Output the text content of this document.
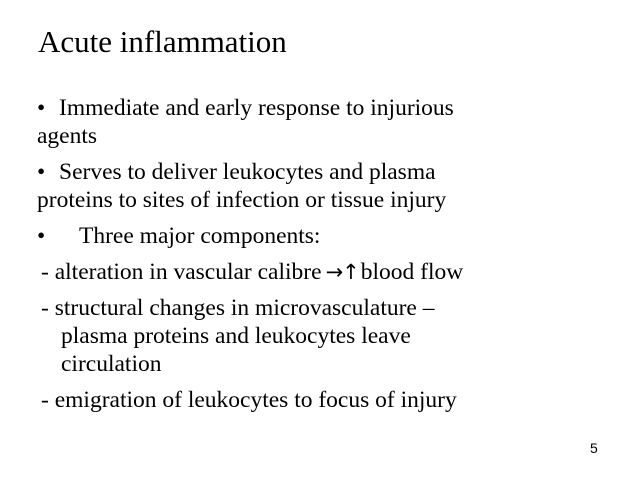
Acute inflammation
• Immediate and early response to injurious
agents
• Serves to deliver leukocytes and plasma
proteins to sites of infection or tissue injury
• Three major components:
- alteration in vascular calibre →↑blood flow
- structural changes in microvasculature –
plasma proteins and leukocytes leave
circulation
- emigration of leukocytes to focus of injury
5
